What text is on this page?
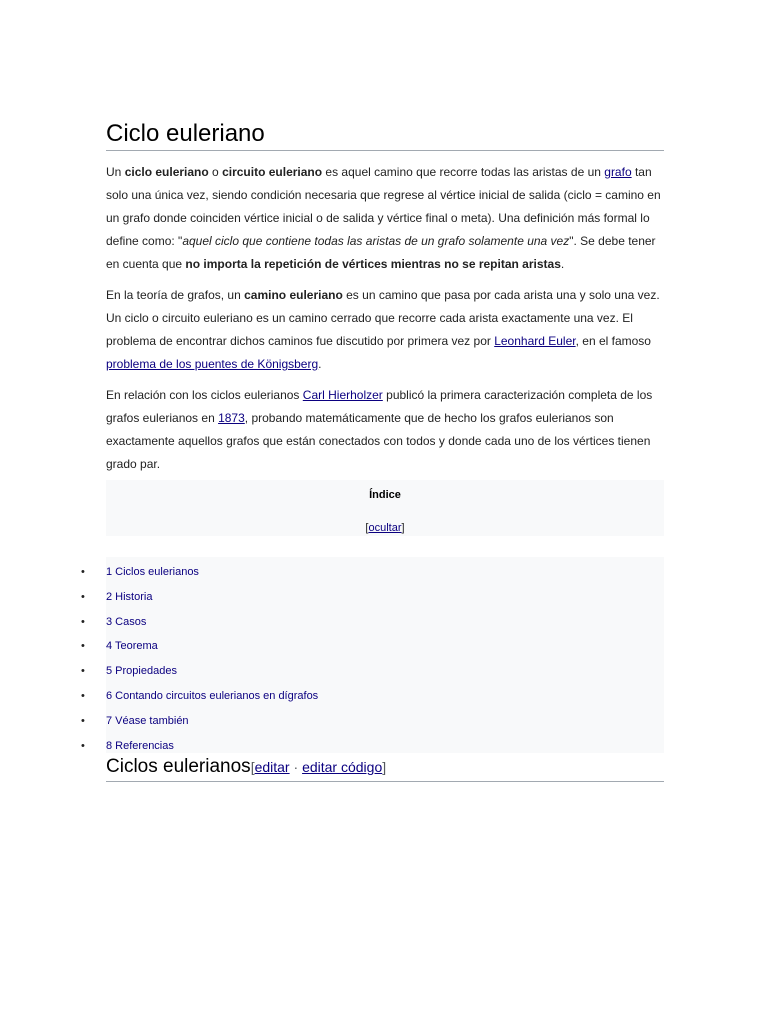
Ciclo euleriano

Un ciclo euleriano o circuito euleriano es aquel camino que recorre todas las aristas de un grafo tan solo una única vez, siendo condición necesaria que regrese al vértice inicial de salida (ciclo = camino en un grafo donde coinciden vértice inicial o de salida y vértice final o meta). Una definición más formal lo define como: "aquel ciclo que contiene todas las aristas de un grafo solamente una vez". Se debe tener en cuenta que no importa la repetición de vértices mientras no se repitan aristas.

En la teoría de grafos, un camino euleriano es un camino que pasa por cada arista una y solo una vez. Un ciclo o circuito euleriano es un camino cerrado que recorre cada arista exactamente una vez. El problema de encontrar dichos caminos fue discutido por primera vez por Leonhard Euler, en el famoso problema de los puentes de Königsberg.

En relación con los ciclos eulerianos Carl Hierholzer publicó la primera caracterización completa de los grafos eulerianos en 1873, probando matemáticamente que de hecho los grafos eulerianos son exactamente aquellos grafos que están conectados con todos y donde cada uno de los vértices tienen grado par.

Índice
[ocultar]
• 1 Ciclos eulerianos
• 2 Historia
• 3 Casos
• 4 Teorema
• 5 Propiedades
• 6 Contando circuitos eulerianos en dígrafos
• 7 Véase también
• 8 Referencias
Ciclos eulerianos[editar · editar código]
